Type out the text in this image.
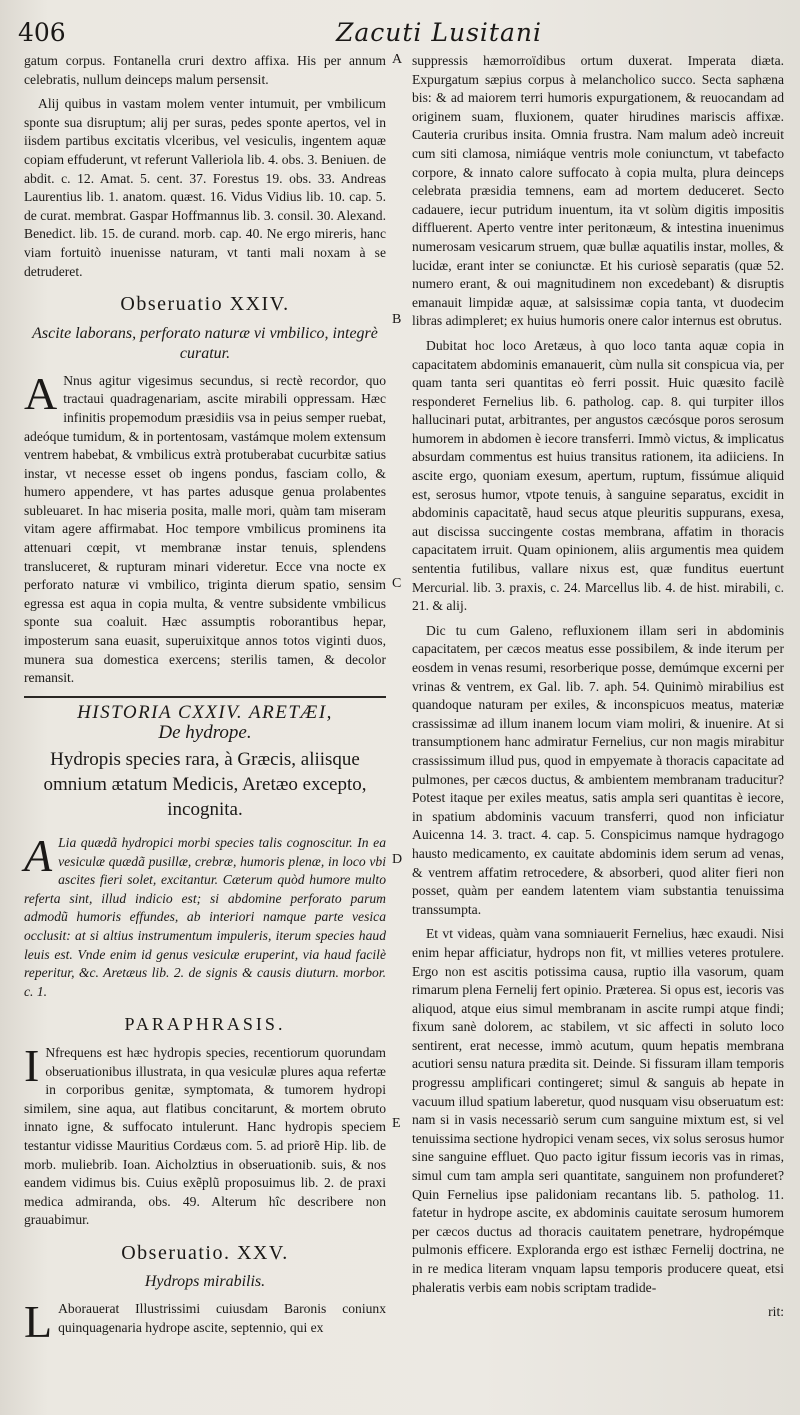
406	Zacuti Lusitani
A
B
C
D
E

gatum corpus. Fontanella cruri dextro affixa. His per annum celebratis, nullum deinceps malum persensit.

Alij quibus in vastam molem venter intumuit, per vmbilicum sponte sua disruptum; alij per suras, pedes sponte apertos, vel in iisdem partibus excitatis vlceribus, vel vesiculis, ingentem aquæ copiam effuderunt, vt referunt Valleriola lib. 4. obs. 3. Beniuen. de abdit. c. 12. Amat. 5. cent. 37. Forestus 19. obs. 33. Andreas Laurentius lib. 1. anatom. quæst. 16. Vidus Vidius lib. 10. cap. 5. de curat. membrat. Gaspar Hoffmannus lib. 3. consil. 30. Alexand. Benedict. lib. 15. de curand. morb. cap. 40. Ne ergo mireris, hanc viam fortuitò inuenisse naturam, vt tanti mali noxam à se detruderet.

Obseruatio XXIV.
Ascite laborans, perforato naturæ vi vmbilico, integrè curatur.

A Nnus agitur vigesimus secundus, si rectè recordor, quo tractaui quadragenariam, ascite mirabili oppressam. Hæc infinitis propemodum præsidiis vsa in peius semper ruebat, adeóque tumidum, & in portentosam, vastámque molem extensum ventrem habebat, & vmbilicus extrà protuberabat cucurbitæ satius instar, vt necesse esset ob ingens pondus, fasciam collo, & humero appendere, vt has partes adusque genua prolabentes subleuaret. In hac miseria posita, malle mori, quàm tam miseram vitam agere affirmabat. Hoc tempore vmbilicus prominens ita attenuari cœpit, vt membranæ instar tenuis, splendens transluceret, & rupturam minari videretur. Ecce vna nocte ex perforato naturæ vi vmbilico, triginta dierum spatio, sensim egressa est aqua in copia multa, & ventre subsidente vmbilicus sponte sua coaluit. Hæc assumptis roborantibus hepar, imposterum sana euasit, superuixitque annos totos viginti duos, munera sua domestica exercens; sterilis tamen, & decolor remansit.

HISTORIA CXXIV. ARETÆI,
De hydrope.
Hydropis species rara, à Græcis, aliisque omnium ætatum Medicis, Aretæo excepto, incognita.

A Lia quædã hydropici morbi species talis cognoscitur. In ea vesiculæ quædã pusillæ, crebræ, humoris plenæ, in loco vbi ascites fieri solet, excitantur. Cæterum quòd humore multo referta sint, illud indicio est; si abdomine perforato parum admodũ humoris effundes, ab interiori namque parte vesica occlusit: at si altius instrumentum impuleris, iterum species haud leuis est. Vnde enim id genus vesiculæ eruperint, via haud facilè reperitur, &c. Aretæus lib. 2. de signis & causis diuturn. morbor. c. 1.

PARAPHRASIS.

I Nfrequens est hæc hydropis species, recentiorum quorundam obseruationibus illustrata, in qua vesiculæ plures aqua refertæ in corporibus genitæ, symptomata, & tumorem hydropi similem, sine aqua, aut flatibus concitarunt, & mortem obruto innato igne, & suffocato intulerunt. Hanc hydropis speciem testantur vidisse Mauritius Cordæus com. 5. ad priorẽ Hip. lib. de morb. muliebrib. Ioan. Aicholztius in obseruationib. suis, & nos eandem vidimus bis. Cuius exẽplũ proposuimus lib. 2. de praxi medica admiranda, obs. 49. Alterum hîc describere non grauabimur.

Obseruatio. XXV.
Hydrops mirabilis.

L Aborauerat Illustrissimi cuiusdam Baronis coniunx quinquagenaria hydrope ascite, septennio, qui ex

suppressis hæmorroïdibus ortum duxerat. Imperata diæta. Expurgatum sæpius corpus à melancholico succo. Secta saphæna bis: & ad maiorem terri humoris expurgationem, & reuocandam ad originem suam, fluxionem, quater hirudines mariscis affixæ. Cauteria cruribus insita. Omnia frustra. Nam malum adeò increuit cum siti clamosa, nimiáque ventris mole coniunctum, vt tabefacto corpore, & innato calore suffocato à copia multa, plura deinceps celebrata præsidia temnens, eam ad mortem deduceret. Secto cadauere, iecur putridum inuentum, ita vt solùm digitis impositis diffluerent. Aperto ventre inter peritonæum, & intestina inuenimus numerosam vesicarum struem, quæ bullæ aquatilis instar, molles, & lucidæ, erant inter se coniunctæ. Et his curiosè separatis (quæ 52. numero erant, & oui magnitudinem non excedebant) & disruptis emanauit limpidæ aquæ, at salsissimæ copia tanta, vt duodecim libras adimpleret; ex huius humoris onere calor internus est obrutus.

Dubitat hoc loco Aretæus, à quo loco tanta aquæ copia in capacitatem abdominis emanauerit, cùm nulla sit conspicua via, per quam tanta seri quantitas eò ferri possit. Huic quæsito facilè responderet Fernelius lib. 6. patholog. cap. 8. qui turpiter illos hallucinari putat, arbitrantes, per angustos cæcósque poros serosum humorem in abdomen è iecore transferri. Immò victus, & implicatus absurdam commentus est huius transitus rationem, ita adiiciens. In ascite ergo, quoniam exesum, apertum, ruptum, fissúmue aliquid est, serosus humor, vtpote tenuis, à sanguine separatus, excidit in abdominis capacitatẽ, haud secus atque pleuritis suppurans, exesa, aut discissa succingente costas membrana, affatim in thoracis capacitatem irruit. Quam opinionem, aliis argumentis mea quidem sententia futilibus, vallare nixus est, quæ funditus euertunt Mercurial. lib. 3. praxis, c. 24. Marcellus lib. 4. de hist. mirabili, c. 21. & alij.

Dic tu cum Galeno, refluxionem illam seri in abdominis capacitatem, per cæcos meatus esse possibilem, & inde iterum per eosdem in venas resumi, resorberique posse, demúmque excerni per vrinas & ventrem, ex Gal. lib. 7. aph. 54. Quinimò mirabilius est quandoque naturam per exiles, & inconspicuos meatus, materiæ crassissimæ ad illum inanem locum viam moliri, & inuenire. At si transumptionem hanc admiratur Fernelius, cur non magis mirabitur crassissimum illud pus, quod in empyemate à thoracis capacitate ad pulmones, per cæcos ductus, & ambientem membranam traducitur? Potest itaque per exiles meatus, satis ampla seri quantitas è iecore, in spatium abdominis vacuum transferri, quod non inficiatur Auicenna 14. 3. tract. 4. cap. 5. Conspicimus namque hydragogo hausto medicamento, ex cauitate abdominis idem serum ad venas, & ventrem affatim retrocedere, & absorberi, quod aliter fieri non posset, quàm per eandem latentem viam substantia tenuissima transsumpta.

Et vt videas, quàm vana somniauerit Fernelius, hæc exaudi. Nisi enim hepar afficiatur, hydrops non fit, vt millies veteres protulere. Ergo non est ascitis potissima causa, ruptio illa vasorum, quam rimarum plena Fernelij fert opinio. Præterea. Si opus est, iecoris vas aliquod, atque eius simul membranam in ascite rumpi atque findi; fixum sanè dolorem, ac stabilem, vt sic affecti in soluto loco sentirent, erat necesse, immò acutum, quum hepatis membrana acutiori sensu natura prædita sit. Deinde. Si fissuram illam temporis progressu amplificari contingeret; simul & sanguis ab hepate in vacuum illud spatium laberetur, quod nusquam visu obseruatum est: nam si in vasis necessariò serum cum sanguine mixtum est, si vel tenuissima sectione hydropici venam seces, vix solus serosus humor sine sanguine effluet. Quo pacto igitur fissum iecoris vas in rimas, simul cum tam ampla seri quantitate, sanguinem non profunderet? Quin Fernelius ipse palidoniam recantans lib. 5. patholog. 11. fatetur in hydrope ascite, ex abdominis cauitate serosum humorem per cæcos ductus ad thoracis cauitatem penetrare, hydropémque pulmonis efficere. Exploranda ergo est isthæc Fernelij doctrina, ne in re medica literam vnquam lapsu temporis producere queat, etsi phaleratis verbis eam nobis scriptam tradide-

rit:
